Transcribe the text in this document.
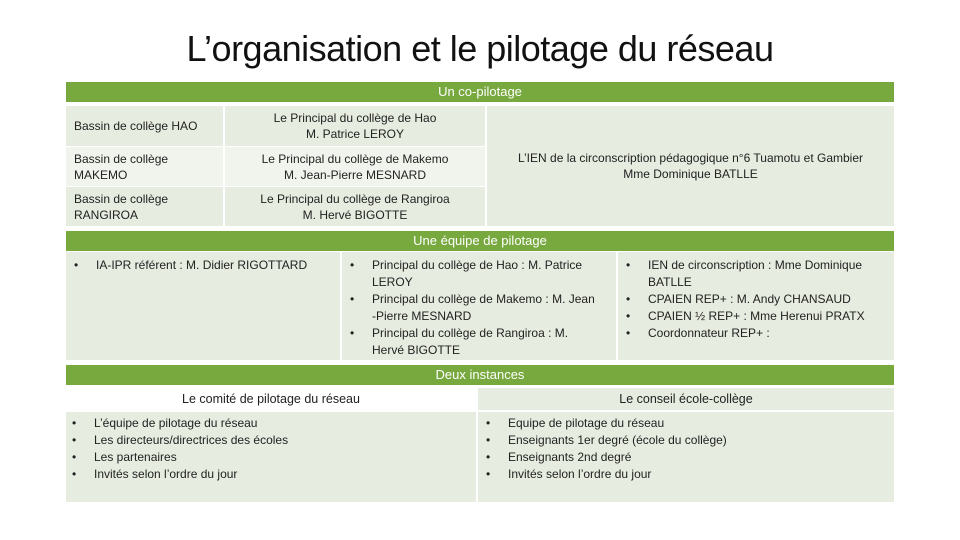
L’organisation et le pilotage du réseau
Un co-pilotage
Bassin de collège HAO
Le Principal du collège de Hao
M. Patrice LEROY
Bassin de collège
MAKEMO
Le Principal du collège de Makemo
M. Jean-Pierre MESNARD
Bassin de collège
RANGIROA
Le Principal du collège de Rangiroa
M. Hervé BIGOTTE
L’IEN de la circonscription pédagogique n°6 Tuamotu et Gambier
Mme Dominique BATLLE
Une équipe de pilotage
• IA-IPR référent : M. Didier RIGOTTARD
•	Principal du collège de Hao : M. Patrice
LEROY
• Principal du collège de Makemo : M. Jean
-Pierre MESNARD
• Principal du collège de Rangiroa : M.
Hervé BIGOTTE
• IEN de circonscription : Mme Dominique
BATLLE
• CPAIEN REP+ : M. Andy CHANSAUD
• CPAIEN ½ REP+ : Mme Herenui PRATX
• Coordonnateur REP+ :
Deux instances
Le comité de pilotage du réseau	Le conseil école-collège
• L’équipe de pilotage du réseau
• Les directeurs/directrices des écoles
• Les partenaires
• Invités selon l’ordre du jour
• Equipe de pilotage du réseau
• Enseignants 1er degré (école du collège)
• Enseignants 2nd degré
• Invités selon l’ordre du jour
